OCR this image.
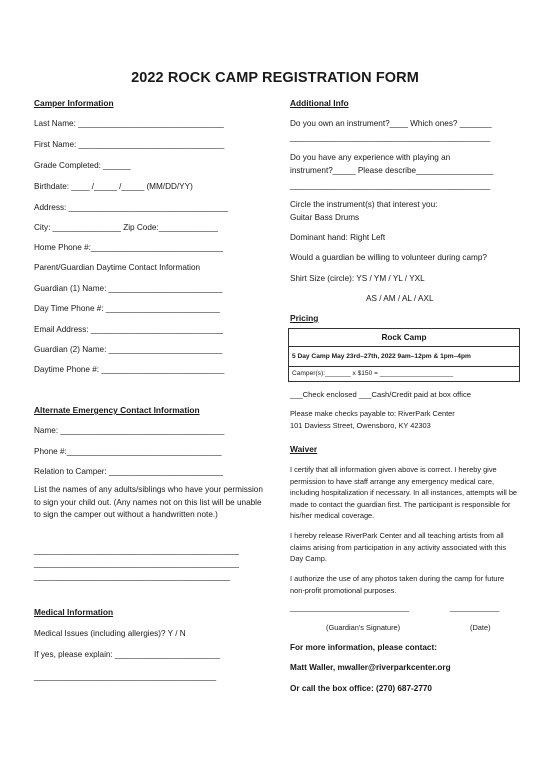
2022 ROCK CAMP REGISTRATION FORM
Camper Information
Last Name: ________________________________
First Name: ________________________________
Grade Completed: ______
Birthdate: ____ /_____ /_____ (MM/DD/YY)
Address: ___________________________________
City: _______________ Zip Code:_____________
Home Phone #:_____________________________
Parent/Guardian Daytime Contact Information
Guardian (1) Name: _________________________
Day Time Phone #: _________________________
Email Address: _____________________________
Guardian (2) Name: _________________________
Daytime Phone #: ___________________________
Alternate Emergency Contact Information
Name: ____________________________________
Phone #:__________________________________
Relation to Camper: _________________________
List the names of any adults/siblings who have your permission to sign your child out. (Any names not on this list will be unable to sign the camper out without a handwritten note.)
_____________________________________________
_____________________________________________
___________________________________________
Medical Information
Medical Issues (including allergies)? Y / N
If yes, please explain: _______________________
________________________________________
Additional Info
Do you own an instrument?____ Which ones? _______
____________________________________________
Do you have any experience with playing an
instrument?_____ Please describe_________________
____________________________________________
Circle the instrument(s) that interest you:
Guitar Bass Drums
Dominant hand: Right Left
Would a guardian be willing to volunteer during camp?
Shirt Size (circle): YS / YM / YL / YXL
AS / AM / AL / AXL
Pricing
Rock Camp
5 Day Camp May 23rd–27th, 2022 9am–12pm & 1pm–4pm
Camper(s):_______ x $150 = ____________________
___Check enclosed ___Cash/Credit paid at box office
Please make checks payable to: RiverPark Center
101 Daviess Street, Owensboro, KY 42303
Waiver
I certify that all information given above is correct. I hereby give permission to have staff arrange any emergency medical care, including hospitalization if necessary. In all instances, attempts will be made to contact the guardian first. The participant is responsible for his/her medical coverage.
I hereby release RiverPark Center and all teaching artists from all claims arising from participation in any activity associated with this Day Camp.
I authorize the use of any photos taken during the camp for future non-profit promotional purposes.
_____________________________	____________
(Guardian's Signature)	(Date)
For more information, please contact:
Matt Waller, mwaller@riverparkcenter.org
Or call the box office: (270) 687-2770
